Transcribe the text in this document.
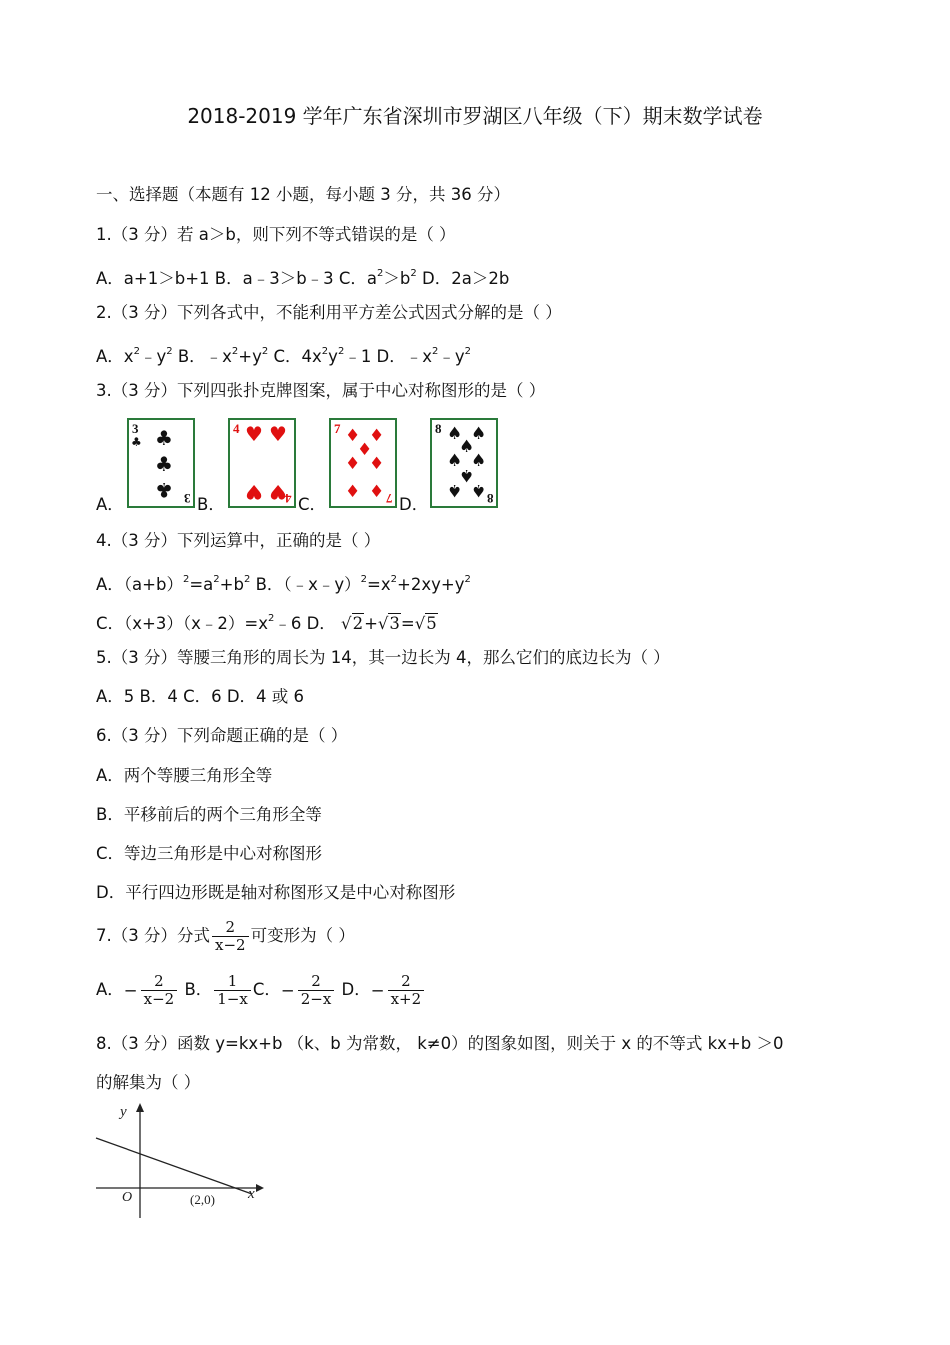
2018-2019 学年广东省深圳市罗湖区八年级（下）期末数学试卷
一、选择题（本题有 12 小题，每小题 3 分，共 36 分）
1.（3 分）若 a＞b，则下列不等式错误的是（ ）
A．a+1＞b+1 B．a﹣3＞b﹣3 C．$a^2>b^2$ D．2a＞2b
2.（3 分）下列各式中，不能利用平方差公式因式分解的是（ ）
A．$x^2﹣y^2$ B．$﹣x^2+y^2$ C．$4x^2y^2﹣1$ D．$﹣x^2﹣y^2$
3.（3 分）下列四张扑克牌图案，属于中心对称图形的是（ ）
A．
3
♣ ♣
♣
♣ 3 B．
4 ♥ ♥
♥ ♥
4 C．
7 ♦ ♦
♦
♦ ♦
♦ ♦ 7 D．
8 ♠ ♠
♠
♠ ♠
♠
♠ ♠ 8
4.（3 分）下列运算中，正确的是（ ）
A．$(a+b)^2=a^2+b^2$ B．$(﹣x﹣y)^2=x^2+2xy+y^2$
C．$(x+3)(x﹣2)=x^2﹣6$ D． √2+√3=√5
5.（3 分）等腰三角形的周长为 14，其一边长为 4，那么它们的底边长为（ ）
A．5 B．4 C．6 D．4 或 6
6.（3 分）下列命题正确的是（ ）
A．两个等腰三角形全等
B．平移前后的两个三角形全等
C．等边三角形是中心对称图形
D．平行四边形既是轴对称图形又是中心对称图形
7.（3 分）分式 $\frac{2}{x-2}$ 可变形为（ ）
A．− $\frac{2}{x-2}$ B． $\frac{1}{1-x}$ C．− $\frac{2}{2-x}$ D．− $\frac{2}{x+2}$
8.（3 分）函数 y=kx+b （k、b 为常数， k≠0）的图象如图，则关于 x 的不等式 kx+b ＞0
的解集为（ ）
y
x
O	(2,0)
